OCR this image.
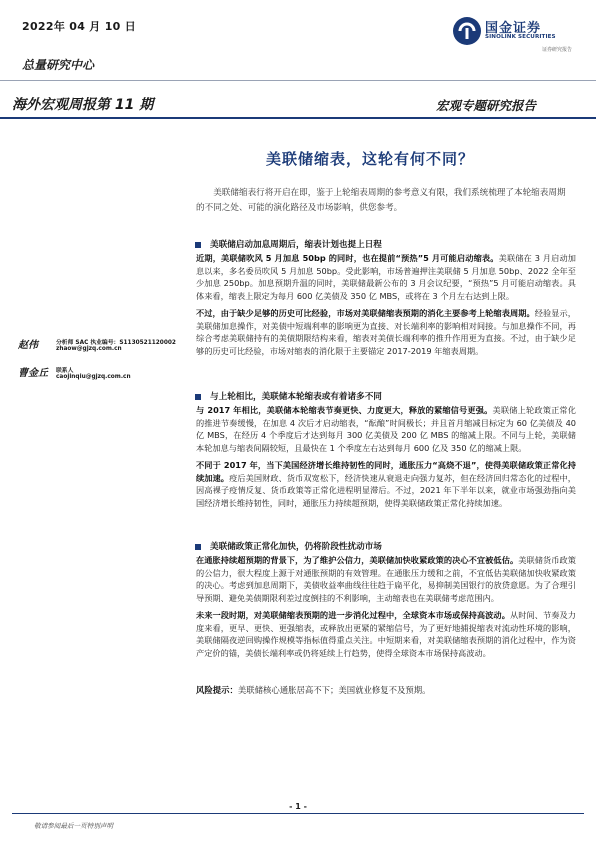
2022年 04 月 10 日
总量研究中心
国金证券
SINOLINK SECURITIES
证券研究报告
海外宏观周报第 11 期	宏观专题研究报告
美联储缩表，这轮有何不同？
美联储缩表行将开启在即，鉴于上轮缩表周期的参考意义有限，我们系统梳理了本轮缩表周期的不同之处、可能的演化路径及市场影响，供您参考。
美联储启动加息周期后，缩表计划也提上日程

近期，美联储吹风 5 月加息 50bp 的同时，也在提前“预热”5 月可能启动缩表。美联储在 3 月启动加息以来，多名委员吹风 5 月加息 50bp。受此影响，市场普遍押注美联储 5 月加息 50bp、2022 全年至少加息 250bp。加息预期升温的同时，美联储最新公布的 3 月会议纪要，“预热”5 月可能启动缩表。具体来看，缩表上限定为每月 600 亿美债及 350 亿 MBS，或将在 3 个月左右达到上限。

不过，由于缺少足够的历史可比经验，市场对美联储缩表预期的消化主要参考上轮缩表周期。经验显示，美联储加息操作，对美债中短端利率的影响更为直接、对长端利率的影响相对间接。与加息操作不同，再综合考虑美联储持有的美债期限结构来看，缩表对美债长端利率的推升作用更为直接。不过，由于缺少足够的历史可比经验，市场对缩表的消化限于主要锚定 2017-2019 年缩表周期。

与上轮相比，美联储本轮缩表或有着诸多不同

与 2017 年相比，美联储本轮缩表节奏更快、力度更大，释放的紧缩信号更强。美联储上轮政策正常化的推进节奏缓慢，在加息 4 次后才启动缩表，“酝酿”时间极长；并且首月缩减目标定为 60 亿美债及 40 亿 MBS，在经历 4 个季度后才达到每月 300 亿美债及 200 亿 MBS 的缩减上限。不同与上轮，美联储本轮加息与缩表间隔较短，且最快在 1 个季度左右达到每月 600 亿及 350 亿的缩减上限。

不同于 2017 年，当下美国经济增长维持韧性的同时，通胀压力“高烧不退”，使得美联储政策正常化持续加速。疫后美国财政、货币双宽松下，经济快速从衰退走向强力复苏，但在经济回归常态化的过程中，因高裸子疫情反复、货币政策等正常化进程明显滞后。不过，2021 年下半年以来，就业市场强劲指向美国经济增长维持韧性，同时，通胀压力持续超预期，使得美联储政策正常化持续加速。

美联储政策正常化加快，仍将阶段性扰动市场

在通胀持续超预期的背景下，为了维护公信力，美联储加快收紧政策的决心不宜被低估。美联储货币政策的公信力，很大程度上源于对通胀预期的有效管理。在通胀压力缓和之前，不宜低估美联储加快收紧政策的决心。考虑到加息周期下，美债收益率曲线往往趋于扁平化，易抑制美国银行的放贷意愿。为了合理引导预期、避免美债期限利差过度倒挂的不利影响，主动缩表也在美联储考虑范围内。

未来一段时期，对美联储缩表预期的进一步消化过程中，全球资本市场或保持高波动。从时间、节奏及力度来看，更早、更快、更强缩表，或释放出更紧的紧缩信号，为了更好地捕捉缩表对流动性环境的影响，美联储隔夜逆回购操作规模等指标值得重点关注。中短期来看，对美联储缩表预期的消化过程中，作为资产定价的锚，美债长端利率或仍将延续上行趋势，使得全球资本市场保持高波动。

赵伟	分析师 SAC 执业编号：S1130521120002
zhaow@gjzq.com.cn
曹金丘 联系人
caojinqiu@gjzq.com.cn
风险提示：美联储核心通胀居高不下；美国就业修复不及预期。
- 1 -
敬请参阅最后一页特别声明
